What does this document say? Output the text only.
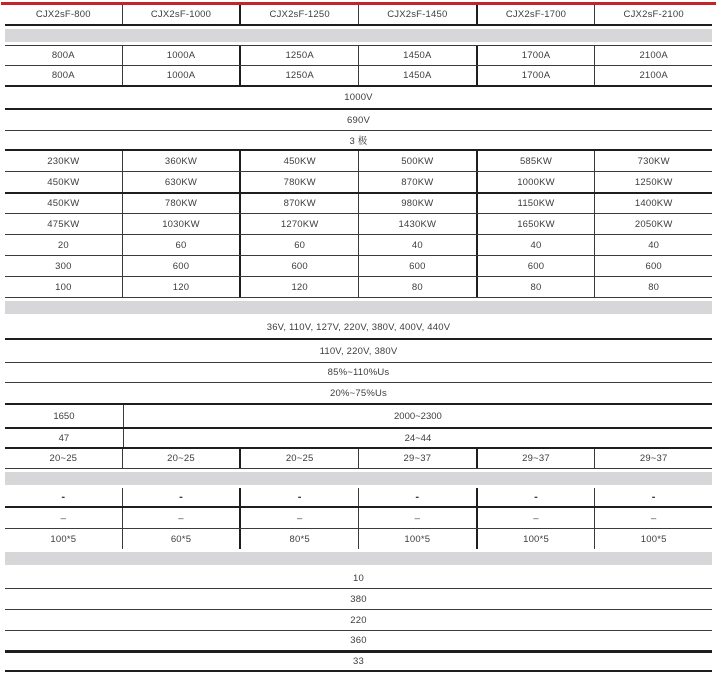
CJX2sF-800	CJX2sF-1000	CJX2sF-1250	CJX2sF-1450	CJX2sF-1700	CJX2sF-2100
800A	1000A	1250A	1450A	1700A	2100A
800A	1000A	1250A	1450A	1700A	2100A
1000V
690V
3 极
230KW	360KW	450KW	500KW	585KW	730KW
450KW	630KW	780KW	870KW	1000KW	1250KW
450KW	780KW	870KW	980KW	1150KW	1400KW
475KW	1030KW	1270KW	1430KW	1650KW	2050KW
20	60	60	40	40	40
300	600	600	600	600	600
100	120	120	80	80	80
36V, 110V, 127V, 220V, 380V, 400V, 440V
110V, 220V, 380V
85%~110%Us
20%~75%Us
1650	2000~2300
47	24~44
20~25	20~25	20~25	29~37	29~37	29~37
-	-	-	-	-	-
–	–	–	–	–	–
100*5	60*5	80*5	100*5	100*5	100*5
10
380
220
360
33
